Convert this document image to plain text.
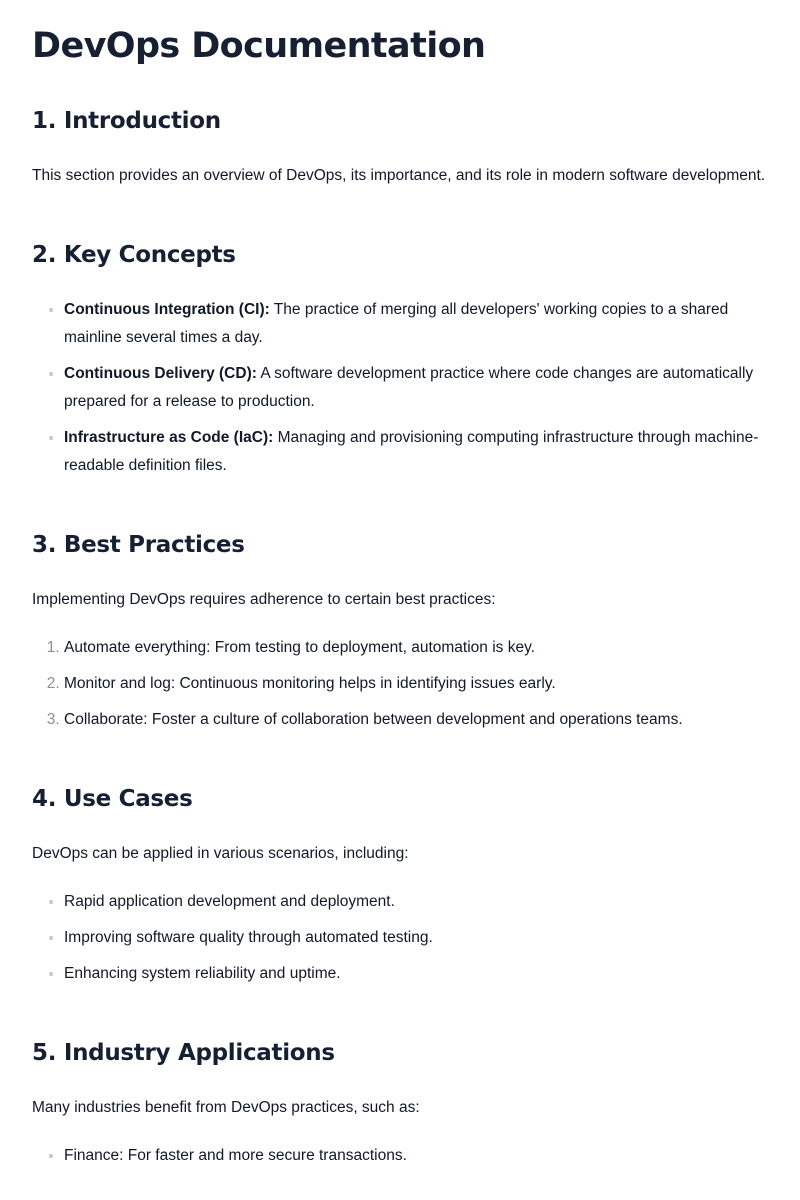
DevOps Documentation
1. Introduction

This section provides an overview of DevOps, its importance, and its role in modern software development.

2. Key Concepts
• Continuous Integration (CI): The practice of merging all developers' working copies to a shared mainline several times a day.
• Continuous Delivery (CD): A software development practice where code changes are automatically prepared for a release to production.
• Infrastructure as Code (IaC): Managing and provisioning computing infrastructure through machine-readable definition files.
3. Best Practices

Implementing DevOps requires adherence to certain best practices:

1. Automate everything: From testing to deployment, automation is key.
2. Monitor and log: Continuous monitoring helps in identifying issues early.
3. Collaborate: Foster a culture of collaboration between development and operations teams.
4. Use Cases

DevOps can be applied in various scenarios, including:

• Rapid application development and deployment.
• Improving software quality through automated testing.
• Enhancing system reliability and uptime.
5. Industry Applications

Many industries benefit from DevOps practices, such as:

• Finance: For faster and more secure transactions.
